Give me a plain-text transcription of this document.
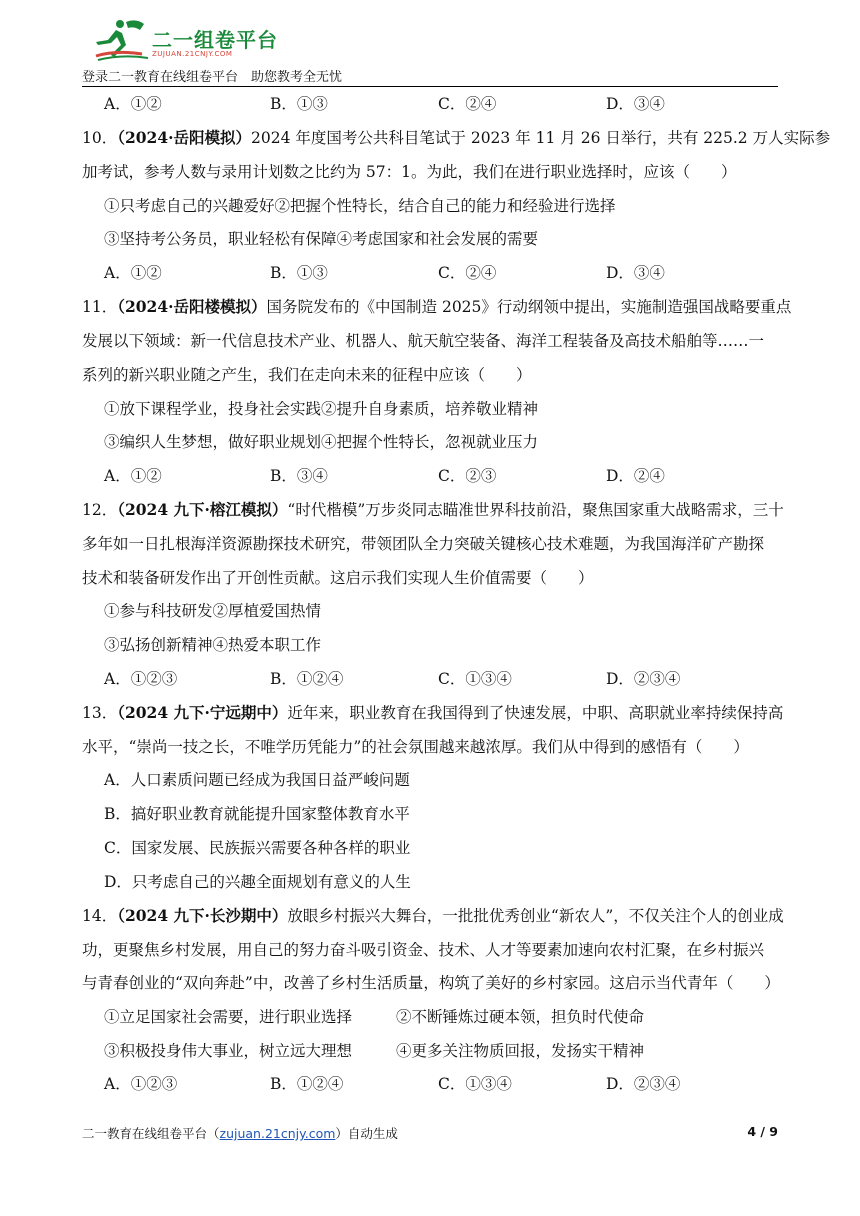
二一组卷平台
ZUJUAN.21CNJY.COM
登录二一教育在线组卷平台　助您教考全无忧
A．①②	B．①③	C．②④	D．③④
10．（2024·岳阳模拟）2024 年度国考公共科目笔试于 2023 年 11 月 26 日举行，共有 225.2 万人实际参
加考试，参考人数与录用计划数之比约为 57：1。为此，我们在进行职业选择时，应该（　　）
①只考虑自己的兴趣爱好②把握个性特长，结合自己的能力和经验进行选择
③坚持考公务员，职业轻松有保障④考虑国家和社会发展的需要
A．①②	B．①③	C．②④	D．③④
11．（2024·岳阳楼模拟）国务院发布的《中国制造 2025》行动纲领中提出，实施制造强国战略要重点
发展以下领域：新一代信息技术产业、机器人、航天航空装备、海洋工程装备及高技术船舶等……一
系列的新兴职业随之产生，我们在走向未来的征程中应该（　　）
①放下课程学业，投身社会实践②提升自身素质，培养敬业精神
③编织人生梦想，做好职业规划④把握个性特长，忽视就业压力
A．①②	B．③④	C．②③	D．②④
12．（2024 九下·榕江模拟）“时代楷模”万步炎同志瞄准世界科技前沿，聚焦国家重大战略需求，三十
多年如一日扎根海洋资源勘探技术研究，带领团队全力突破关键核心技术难题，为我国海洋矿产勘探
技术和装备研发作出了开创性贡献。这启示我们实现人生价值需要（　　）
①参与科技研发②厚植爱国热情
③弘扬创新精神④热爱本职工作
A．①②③	B．①②④	C．①③④	D．②③④
13．（2024 九下·宁远期中）近年来，职业教育在我国得到了快速发展，中职、高职就业率持续保持高
水平，“崇尚一技之长，不唯学历凭能力”的社会氛围越来越浓厚。我们从中得到的感悟有（　　）
A．人口素质问题已经成为我国日益严峻问题
B．搞好职业教育就能提升国家整体教育水平
C．国家发展、民族振兴需要各种各样的职业
D．只考虑自己的兴趣全面规划有意义的人生
14．（2024 九下·长沙期中）放眼乡村振兴大舞台，一批批优秀创业“新农人”，不仅关注个人的创业成
功，更聚焦乡村发展，用自己的努力奋斗吸引资金、技术、人才等要素加速向农村汇聚，在乡村振兴
与青春创业的“双向奔赴”中，改善了乡村生活质量，构筑了美好的乡村家园。这启示当代青年（　　）
①立足国家社会需要，进行职业选择	②不断锤炼过硬本领，担负时代使命
③积极投身伟大事业，树立远大理想	④更多关注物质回报，发扬实干精神
A．①②③	B．①②④	C．①③④	D．②③④
二一教育在线组卷平台（zujuan.21cnjy.com）自动生成	4 / 9
